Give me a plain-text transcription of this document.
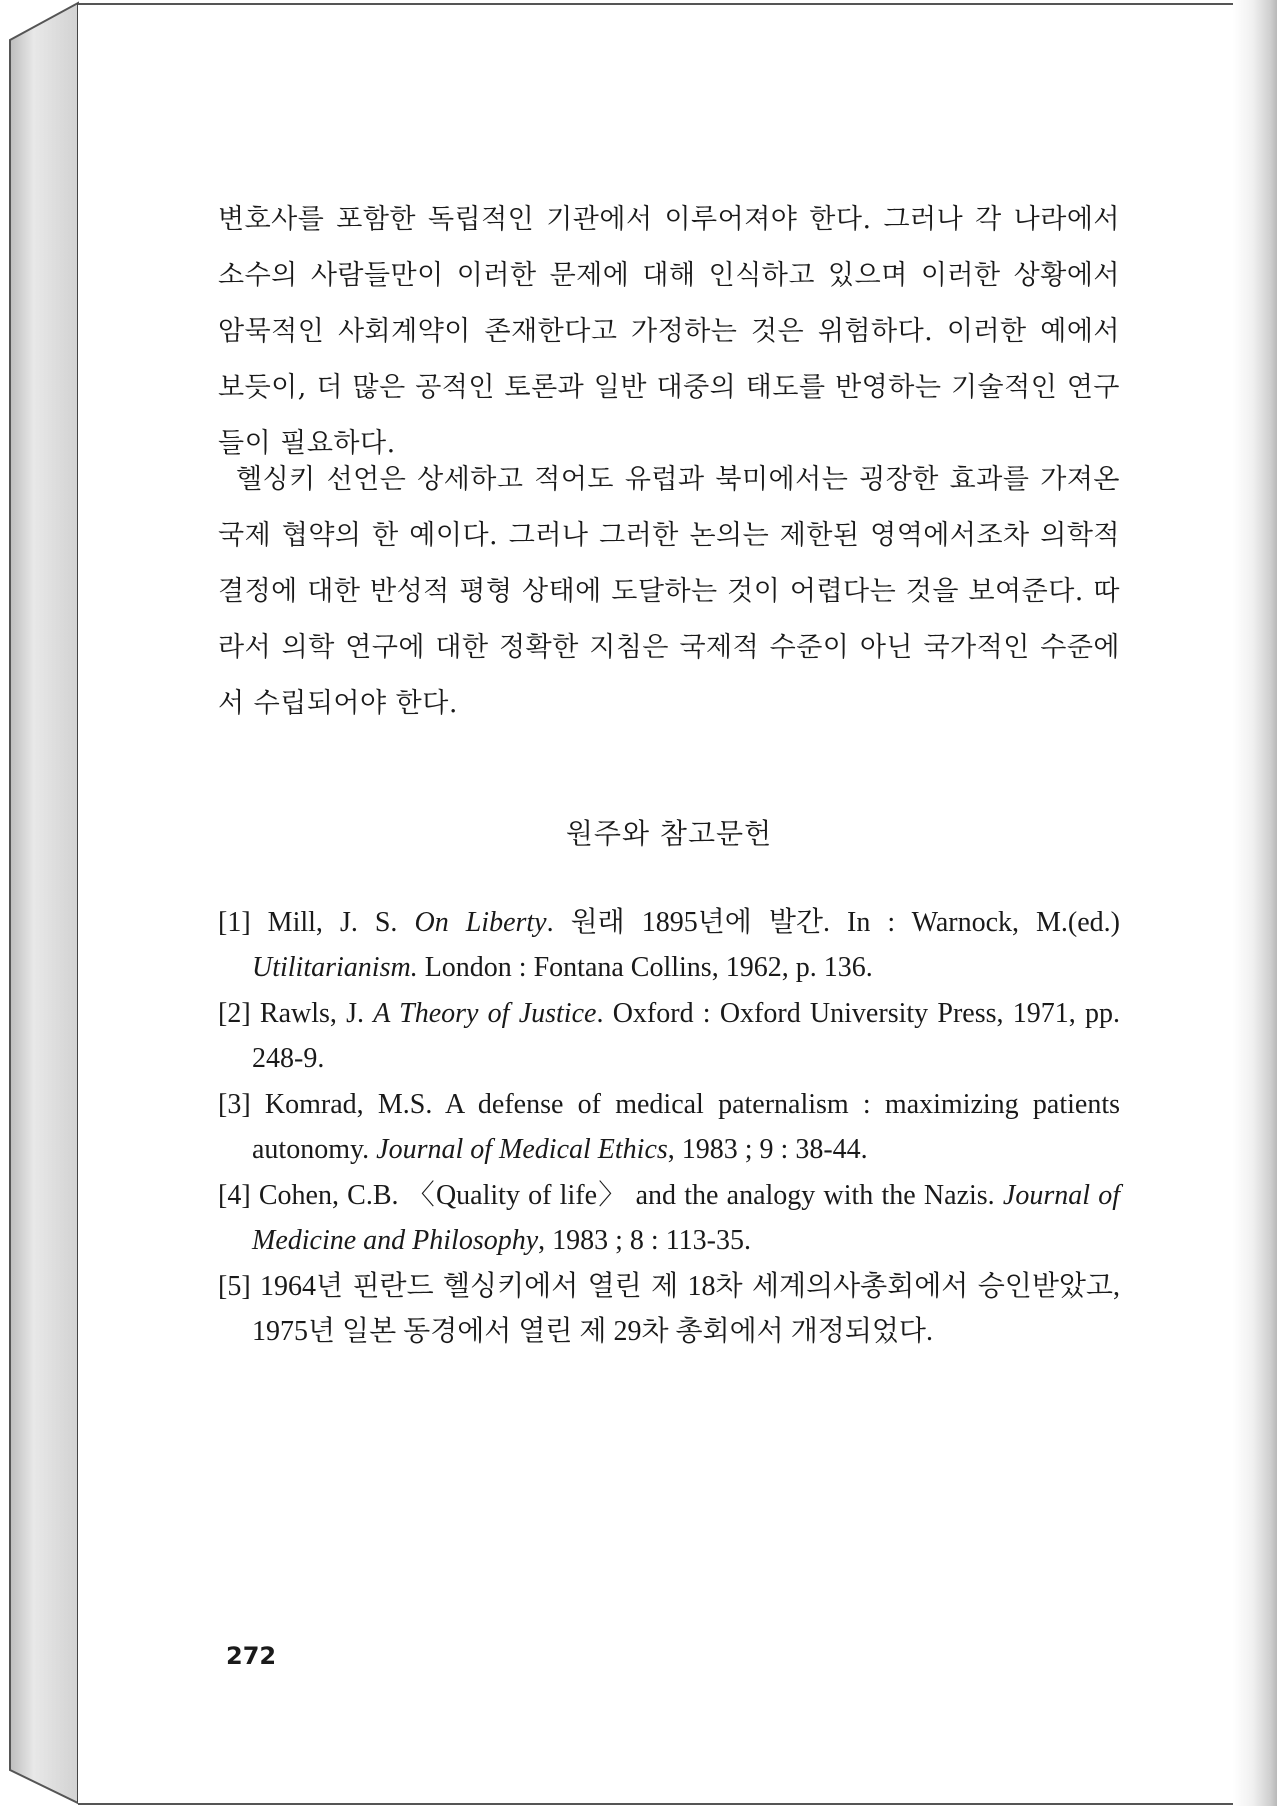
변호사를 포함한 독립적인 기관에서 이루어져야 한다. 그러나 각 나라에서 소수의 사람들만이 이러한 문제에 대해 인식하고 있으며 이러한 상황에서 암묵적인 사회계약이 존재한다고 가정하는 것은 위험하다. 이러한 예에서 보듯이, 더 많은 공적인 토론과 일반 대중의 태도를 반영하는 기술적인 연구들이 필요하다.

헬싱키 선언은 상세하고 적어도 유럽과 북미에서는 굉장한 효과를 가져온 국제 협약의 한 예이다. 그러나 그러한 논의는 제한된 영역에서조차 의학적 결정에 대한 반성적 평형 상태에 도달하는 것이 어렵다는 것을 보여준다. 따라서 의학 연구에 대한 정확한 지침은 국제적 수준이 아닌 국가적인 수준에서 수립되어야 한다.

원주와 참고문헌
[1] Mill, J. S. On Liberty. 원래 1895년에 발간. In : Warnock, M.(ed.) Utilitarianism. London : Fontana Collins, 1962, p. 136.
[2] Rawls, J. A Theory of Justice. Oxford : Oxford University Press, 1971, pp. 248-9.
[3] Komrad, M.S. A defense of medical paternalism : maximizing patients autonomy. Journal of Medical Ethics, 1983 ; 9 : 38-44.
[4] Cohen, C.B. 〈Quality of life〉 and the analogy with the Nazis. Journal of Medicine and Philosophy, 1983 ; 8 : 113-35.
[5] 1964년 핀란드 헬싱키에서 열린 제 18차 세계의사총회에서 승인받았고, 1975년 일본 동경에서 열린 제 29차 총회에서 개정되었다.
272
